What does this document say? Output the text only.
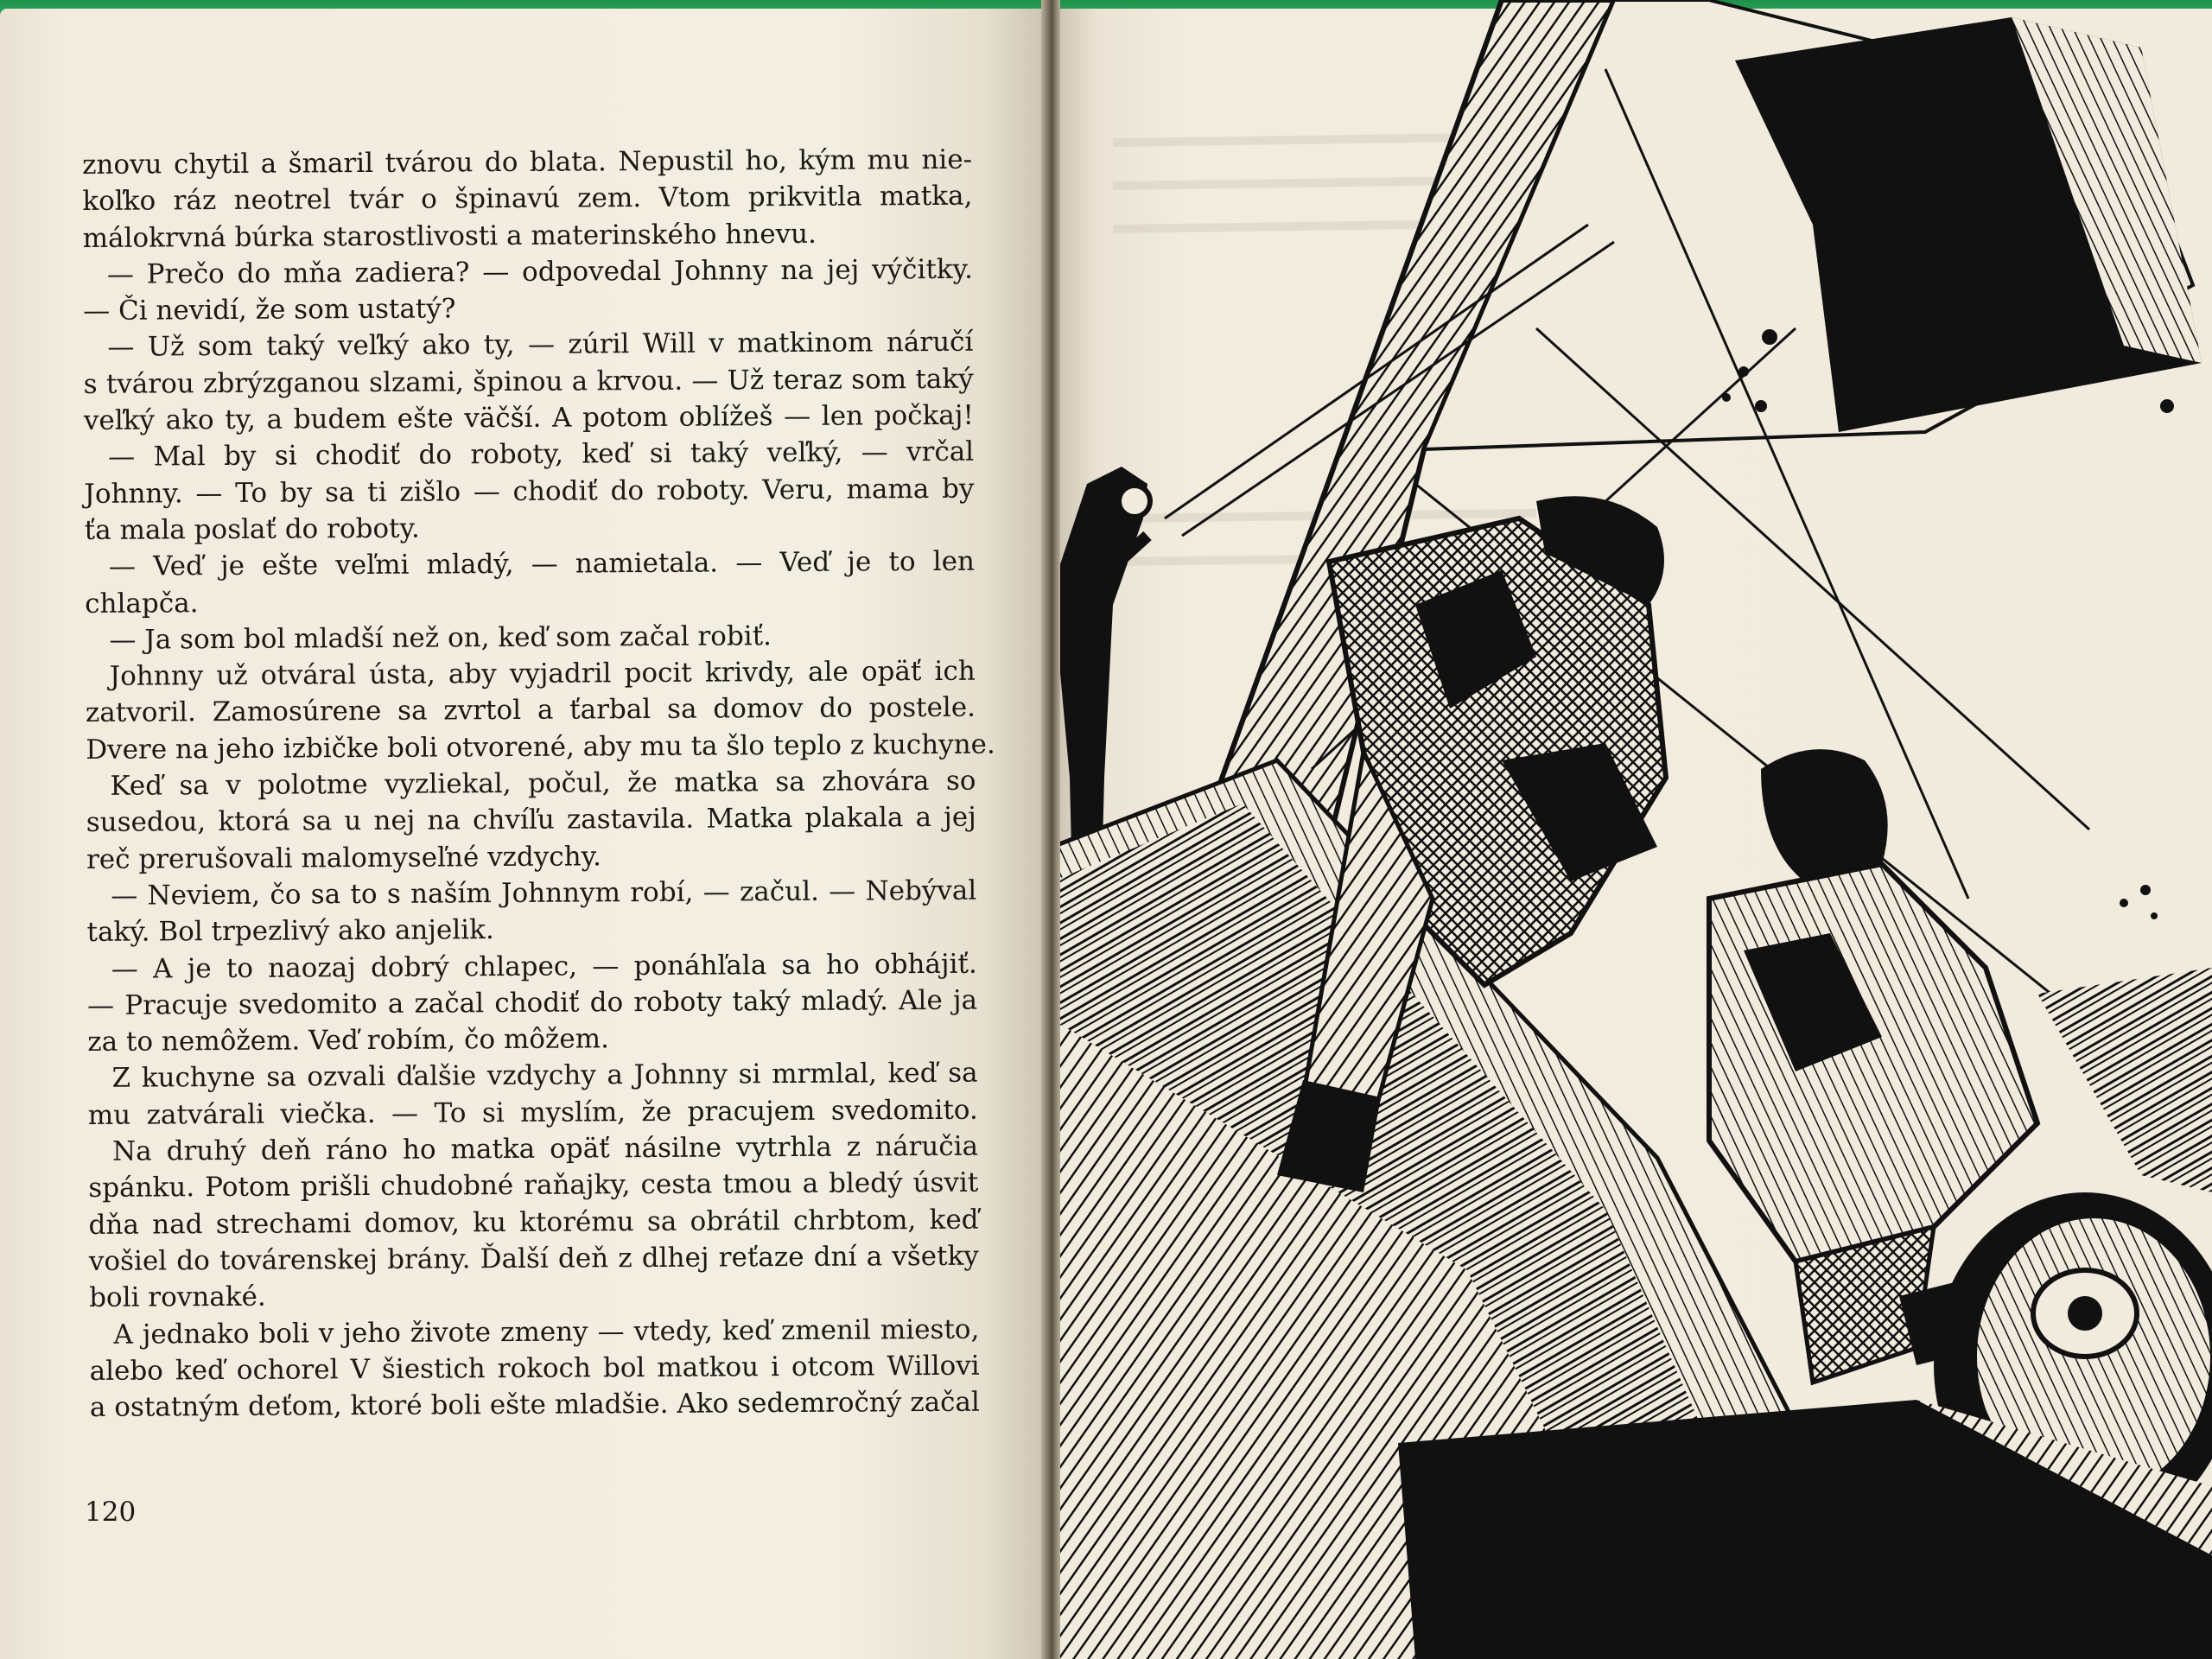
znovu chytil a šmaril tvárou do blata. Nepustil ho, kým mu nie-
koľko ráz neotrel tvár o špinavú zem. Vtom prikvitla matka,
málokrvná búrka starostlivosti a materinského hnevu.
— Prečo do mňa zadiera? — odpovedal Johnny na jej výčitky.
— Či nevidí, že som ustatý?
— Už som taký veľký ako ty, — zúril Will v matkinom náručí
s tvárou zbrýzganou slzami, špinou a krvou. — Už teraz som taký
veľký ako ty, a budem ešte väčší. A potom oblížeš — len počkaj!
— Mal by si chodiť do roboty, keď si taký veľký, — vrčal
Johnny. — To by sa ti zišlo — chodiť do roboty. Veru, mama by
ťa mala poslať do roboty.
— Veď je ešte veľmi mladý, — namietala. — Veď je to len
chlapča.
— Ja som bol mladší než on, keď som začal robiť.
Johnny už otváral ústa, aby vyjadril pocit krivdy, ale opäť ich
zatvoril. Zamosúrene sa zvrtol a ťarbal sa domov do postele.
Dvere na jeho izbičke boli otvorené, aby mu ta šlo teplo z kuchyne.
Keď sa v polotme vyzliekal, počul, že matka sa zhovára so
susedou, ktorá sa u nej na chvíľu zastavila. Matka plakala a jej
reč prerušovali malomyseľné vzdychy.
— Neviem, čo sa to s naším Johnnym robí, — začul. — Nebýval
taký. Bol trpezlivý ako anjelik.
— A je to naozaj dobrý chlapec, — ponáhľala sa ho obhájiť.
— Pracuje svedomito a začal chodiť do roboty taký mladý. Ale ja
za to nemôžem. Veď robím, čo môžem.
Z kuchyne sa ozvali ďalšie vzdychy a Johnny si mrmlal, keď sa
mu zatvárali viečka. — To si myslím, že pracujem svedomito.
Na druhý deň ráno ho matka opäť násilne vytrhla z náručia
spánku. Potom prišli chudobné raňajky, cesta tmou a bledý úsvit
dňa nad strechami domov, ku ktorému sa obrátil chrbtom, keď
vošiel do továrenskej brány. Ďalší deň z dlhej reťaze dní a všetky
boli rovnaké.
A jednako boli v jeho živote zmeny — vtedy, keď zmenil miesto,
alebo keď ochorel V šiestich rokoch bol matkou i otcom Willovi
a ostatným deťom, ktoré boli ešte mladšie. Ako sedemročný začal
120
